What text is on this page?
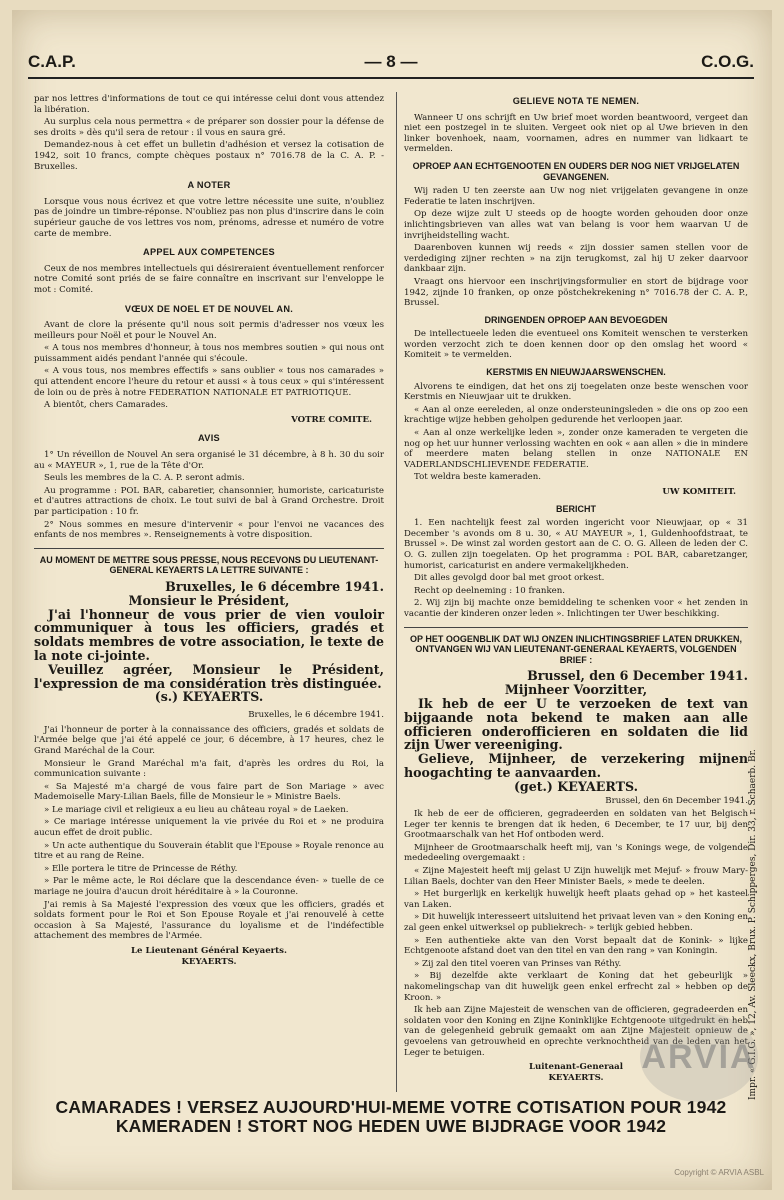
C.A.P.	— 8 —	C.O.G.

par nos lettres d'informations de tout ce qui intéresse celui dont vous attendez la libération.

Au surplus cela nous permettra « de préparer son dossier pour la défense de ses droits » dès qu'il sera de retour : il vous en saura gré.

Demandez-nous à cet effet un bulletin d'adhésion et versez la cotisation de 1942, soit 10 francs, compte chèques postaux n° 7016.78 de la C. A. P. - Bruxelles.

A NOTER

Lorsque vous nous écrivez et que votre lettre nécessite une suite, n'oubliez pas de joindre un timbre-réponse. N'oubliez pas non plus d'inscrire dans le coin supérieur gauche de vos lettres vos nom, prénoms, adresse et numéro de votre carte de membre.

APPEL AUX COMPETENCES

Ceux de nos membres intellectuels qui désireraient éventuellement renforcer notre Comité sont priés de se faire connaître en inscrivant sur l'enveloppe le mot : Comité.

VŒUX DE NOEL ET DE NOUVEL AN.

Avant de clore la présente qu'il nous soit permis d'adresser nos vœux les meilleurs pour Noël et pour le Nouvel An.

« A tous nos membres d'honneur, à tous nos membres soutien » qui nous ont puissamment aidés pendant l'année qui s'écoule.

« A vous tous, nos membres effectifs » sans oublier « tous nos camarades » qui attendent encore l'heure du retour et aussi « à tous ceux » qui s'intéressent de loin ou de près à notre FEDERATION NATIONALE ET PATRIOTIQUE.

A bientôt, chers Camarades.

VOTRE COMITE.
AVIS

1° Un réveillon de Nouvel An sera organisé le 31 décembre, à 8 h. 30 du soir au « MAYEUR », 1, rue de la Tête d'Or.

Seuls les membres de la C. A. P. seront admis.

Au programme : POL BAR, cabaretier, chansonnier, humoriste, caricaturiste et d'autres attractions de choix. Le tout suivi de bal à Grand Orchestre. Droit par participation : 10 fr.

2° Nous sommes en mesure d'intervenir « pour l'envoi ne vacances des enfants de nos membres ». Renseignements à votre disposition.

AU MOMENT DE METTRE SOUS PRESSE, NOUS RECEVONS DU LIEUTENANT-GENERAL KEYAERTS LA LETTRE SUIVANTE :
Bruxelles, le 6 décembre 1941.
Monsieur le Président,
J'ai l'honneur de vous prier de vien vouloir communiquer à tous les officiers, gradés et soldats membres de votre association, le texte de la note ci-jointe.
Veuillez agréer, Monsieur le Président, l'expression de ma considération très distinguée.
(s.) KEYAERTS.
Bruxelles, le 6 décembre 1941.

J'ai l'honneur de porter à la connaissance des officiers, gradés et soldats de l'Armée belge que j'ai été appelé ce jour, 6 décembre, à 17 heures, chez le Grand Maréchal de la Cour.

Monsieur le Grand Maréchal m'a fait, d'après les ordres du Roi, la communication suivante :

« Sa Majesté m'a chargé de vous faire part de Son Mariage » avec Mademoiselle Mary-Lilian Baels, fille de Monsieur le » Ministre Baels.

» Le mariage civil et religieux a eu lieu au château royal » de Laeken.

» Ce mariage intéresse uniquement la vie privée du Roi et » ne produira aucun effet de droit public.

» Un acte authentique du Souverain établit que l'Epouse » Royale renonce au titre et au rang de Reine.

» Elle portera le titre de Princesse de Réthy.

» Par le même acte, le Roi déclare que la descendance éven- » tuelle de ce mariage ne jouira d'aucun droit héréditaire à » la Couronne.

J'ai remis à Sa Majesté l'expression des vœux que les officiers, gradés et soldats forment pour le Roi et Son Epouse Royale et j'ai renouvelé à cette occasion à Sa Majesté, l'assurance du loyalisme et de l'indéfectible attachement des membres de l'Armée.

Le Lieutenant Général Keyaerts.
KEYAERTS.
GELIEVE NOTA TE NEMEN.

Wanneer U ons schrijft en Uw brief moet worden beantwoord, vergeet dan niet een postzegel in te sluiten. Vergeet ook niet op al Uwe brieven in den linker bovenhoek, naam, voornamen, adres en nummer van lidkaart te vermelden.

OPROEP AAN ECHTGENOOTEN EN OUDERS DER NOG NIET VRIJGELATEN GEVANGENEN.

Wij raden U ten zeerste aan Uw nog niet vrijgelaten gevangene in onze Federatie te laten inschrijven.

Op deze wijze zult U steeds op de hoogte worden gehouden door onze inlichtingsbrieven van alles wat van belang is voor hem waarvan U de invrijheidstelling wacht.

Daarenboven kunnen wij reeds « zijn dossier samen stellen voor de verdediging zijner rechten » na zijn terugkomst, zal hij U zeker daarvoor dankbaar zijn.

Vraagt ons hiervoor een inschrijvingsformulier en stort de bijdrage voor 1942, zijnde 10 franken, op onze pöstchekrekening n° 7016.78 der C. A. P., Brussel.

DRINGENDEN OPROEP AAN BEVOEGDEN

De intellectueele leden die eventueel ons Komiteit wenschen te versterken worden verzocht zich te doen kennen door op den omslag het woord « Komiteit » te vermelden.

KERSTMIS EN NIEUWJAARSWENSCHEN.

Alvorens te eindigen, dat het ons zij toegelaten onze beste wenschen voor Kerstmis en Nieuwjaar uit te drukken.

« Aan al onze eereleden, al onze ondersteuningsleden » die ons op zoo een krachtige wijze hebben geholpen gedurende het verloopen jaar.

« Aan al onze werkelijke leden », zonder onze kameraden te vergeten die nog op het uur hunner verlossing wachten en ook « aan allen » die in mindere of meerdere maten belang stellen in onze NATIONALE EN VADERLANDSCHLIEVENDE FEDERATIE.

Tot weldra beste kameraden.

UW KOMITEIT.
BERICHT

1. Een nachtelijk feest zal worden ingericht voor Nieuwjaar, op « 31 December 's avonds om 8 u. 30, « AU MAYEUR », 1, Guldenhoofdstraat, te Brussel ». De winst zal worden gestort aan de C. O. G. Alleen de leden der C. O. G. zullen zijn toegelaten. Op het programma : POL BAR, cabaretzanger, humorist, caricaturist en andere vermakelijkheden.

Dit alles gevolgd door bal met groot orkest.

Recht op deelneming : 10 franken.

2. Wij zijn bij machte onze bemiddeling te schenken voor « het zenden in vacantie der kinderen onzer leden ». Inlichtingen ter Uwer beschikking.

OP HET OOGENBLIK DAT WIJ ONZEN INLICHTINGSBRIEF LATEN DRUKKEN, ONTVANGEN WIJ VAN LIEUTENANT-GENERAAL KEYAERTS, VOLGENDEN BRIEF :
Brussel, den 6 December 1941.
Mijnheer Voorzitter,
Ik heb de eer U te verzoeken de text van bijgaande nota bekend te maken aan alle officieren onderofficieren en soldaten die lid zijn Uwer vereeniging.
Gelieve, Mijnheer, de verzekering mijnen hoogachting te aanvaarden.
(get.) KEYAERTS.
Brussel, den 6n December 1941.

Ik heb de eer de officieren, gegradeerden en soldaten van het Belgisch Leger ter kennis te brengen dat ik heden, 6 December, te 17 uur, bij den Grootmaarschalk van het Hof ontboden werd.

Mijnheer de Grootmaarschalk heeft mij, van 's Konings wege, de volgende mededeeling overgemaakt :

« Zijne Majesteit heeft mij gelast U Zijn huwelijk met Mejuf- » frouw Mary-Lilian Baels, dochter van den Heer Minister Baels, » mede te deelen.

» Het burgerlijk en kerkelijk huwelijk heeft plaats gehad op » het kasteel van Laken.

» Dit huwelijk interesseert uitsluitend het privaat leven van » den Koning en zal geen enkel uitwerksel op publiekrech- » terlijk gebied hebben.

» Een authentieke akte van den Vorst bepaalt dat de Konink- » lijke Echtgenoote afstand doet van den titel en van den rang » van Koningin.

» Zij zal den titel voeren van Prinses van Réthy.

» Bij dezelfde akte verklaart de Koning dat het gebeurlijk » nakomelingschap van dit huwelijk geen enkel erfrecht zal » hebben op de Kroon. »

Ik heb aan Zijne Majesteit de wenschen van de officieren, gegradeerden en soldaten voor den Koning en Zijne Koninklijke Echtgenoote uitgedrukt en heb van de gelegenheid gebruik gemaakt om aan Zijne Majesteit opnieuw de gevoelens van getrouwheid en oprechte verknochtheid van de leden van het Leger te betuigen.

Luitenant-Generaal
KEYAERTS.
CAMARADES ! VERSEZ AUJOURD'HUI-MEME VOTRE COTISATION POUR 1942
KAMERADEN ! STORT NOG HEDEN UWE BIJDRAGE VOOR 1942
Impr. « G.I.G. », 12, Av. Sleeckx, Brux. P. Schipperges, Dir. 33, r. Schaerb. Br.
ARVIA
Copyright © ARVIA ASBL
